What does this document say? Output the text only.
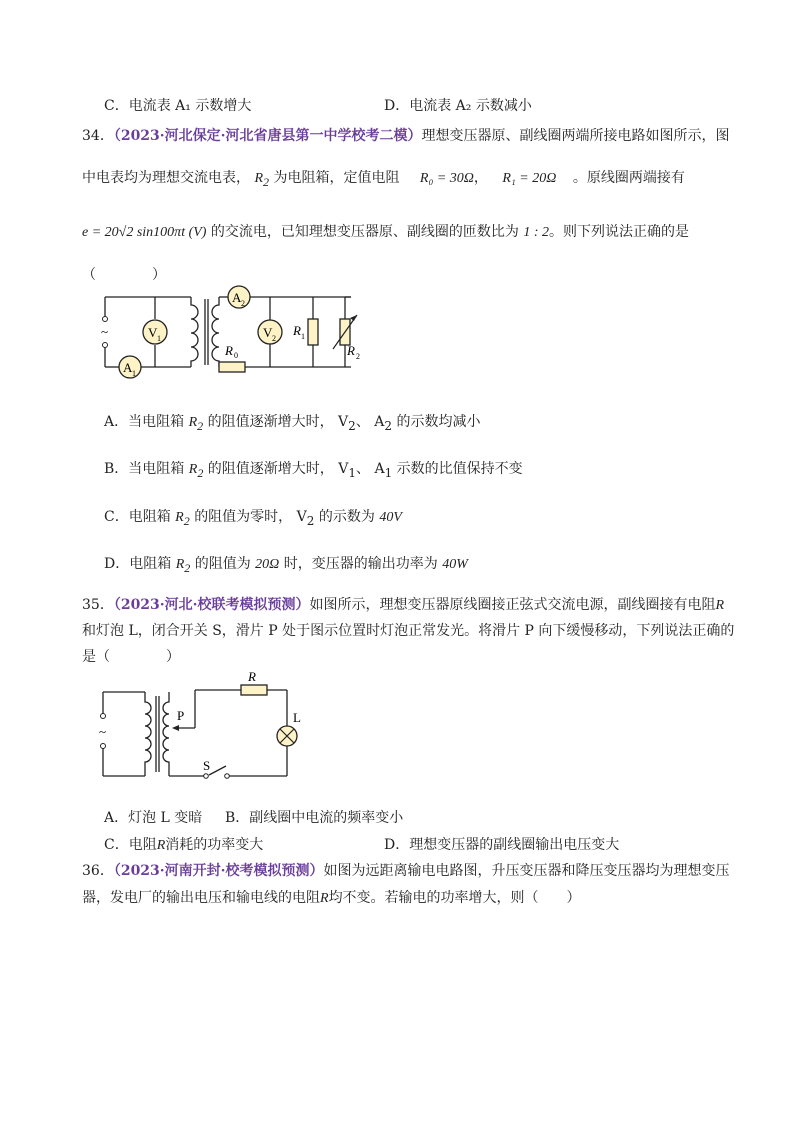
C．电流表 A₁ 示数增大	D．电流表 A₂ 示数减小
34．（2023·河北保定·河北省唐县第一中学校考二模）理想变压器原、副线圈两端所接电路如图所示，图
中电表均为理想交流电表， $R_2$ 为电阻箱，定值电阻 R₀ = 30Ω， R₁ = 20Ω 。原线圈两端接有
e = 20√2 sin100πt (V) 的交流电，已知理想变压器原、副线圈的匝数比为 1 : 2。则下列说法正确的是
（　　　　）
~	V 1
A 1
A 2
V 2
R 0
R 1
R 2
A．当电阻箱 $R_2$ 的阻值逐渐增大时， $V_2$、 $A_2$ 的示数均减小
B．当电阻箱 $R_2$ 的阻值逐渐增大时， $V_1$、 $A_1$ 示数的比值保持不变
C．电阻箱 $R_2$ 的阻值为零时， $V_2$ 的示数为 40V
D．电阻箱 $R_2$ 的阻值为 20Ω 时，变压器的输出功率为 40W
35．（2023·河北·校联考模拟预测）如图所示，理想变压器原线圈接正弦式交流电源，副线圈接有电阻R
和灯泡 L，闭合开关 S，滑片 P 处于图示位置时灯泡正常发光。将滑片 P 向下缓慢移动，下列说法正确的
是（　　　　）
~
P
S
R
L
A．灯泡 L 变暗 B．副线圈中电流的频率变小
C．电阻R消耗的功率变大	D．理想变压器的副线圈输出电压变大
36．（2023·河南开封·校考模拟预测）如图为远距离输电电路图，升压变压器和降压变压器均为理想变压
器，发电厂的输出电压和输电线的电阻R均不变。若输电的功率增大，则（　　）
